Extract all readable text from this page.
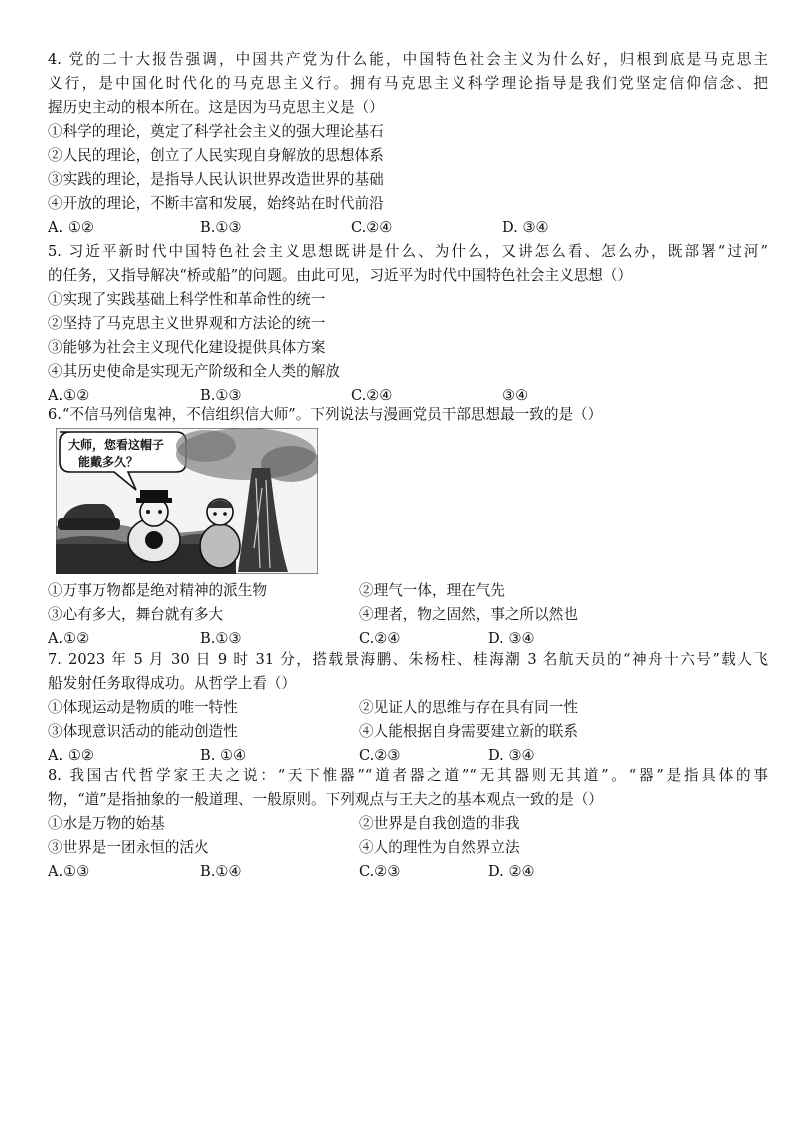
4. 党的二十大报告强调，中国共产党为什么能，中国特色社会主义为什么好，归根到底是马克思主
义行，是中国化时代化的马克思主义行。拥有马克思主义科学理论指导是我们党坚定信仰信念、把
握历史主动的根本所在。这是因为马克思主义是（）
①科学的理论，奠定了科学社会主义的强大理论基石
②人民的理论，创立了人民实现自身解放的思想体系
③实践的理论，是指导人民认识世界改造世界的基础
④开放的理论，不断丰富和发展，始终站在时代前沿
A. ①②	B.①③	C.②④	D. ③④
5. 习近平新时代中国特色社会主义思想既讲是什么、为什么，又讲怎么看、怎么办，既部署“过河”
的任务，又指导解决“桥或船”的问题。由此可见，习近平为时代中国特色社会主义思想（）
①实现了实践基础上科学性和革命性的统一
②坚持了马克思主义世界观和方法论的统一
③能够为社会主义现代化建设提供具体方案
④其历史使命是实现无产阶级和全人类的解放
A.①②	B.①③	C.②④	③④
6.“不信马列信鬼神，不信组织信大师”。下列说法与漫画党员干部思想最一致的是（）
大师，您看这帽子
能戴多久？
①万事万物都是绝对精神的派生物	②理气一体，理在气先
③心有多大，舞台就有多大	④理者，物之固然，事之所以然也
A.①②	B.①③	C.②④	D. ③④
7. 2023 年 5 月 30 日 9 时 31 分，搭载景海鹏、朱杨柱、桂海潮 3 名航天员的“神舟十六号”载人飞
船发射任务取得成功。从哲学上看（）
①体现运动是物质的唯一特性	②见证人的思维与存在具有同一性
③体现意识活动的能动创造性	④人能根据自身需要建立新的联系
A. ①②	B. ①④	C.②③	D. ③④
8. 我国古代哲学家王夫之说：“天下惟器”“道者器之道”“无其器则无其道”。“器”是指具体的事
物，“道”是指抽象的一般道理、一般原则。下列观点与王夫之的基本观点一致的是（）
①水是万物的始基	②世界是自我创造的非我
③世界是一团永恒的活火	④人的理性为自然界立法
A.①③	B.①④	C.②③	D. ②④
